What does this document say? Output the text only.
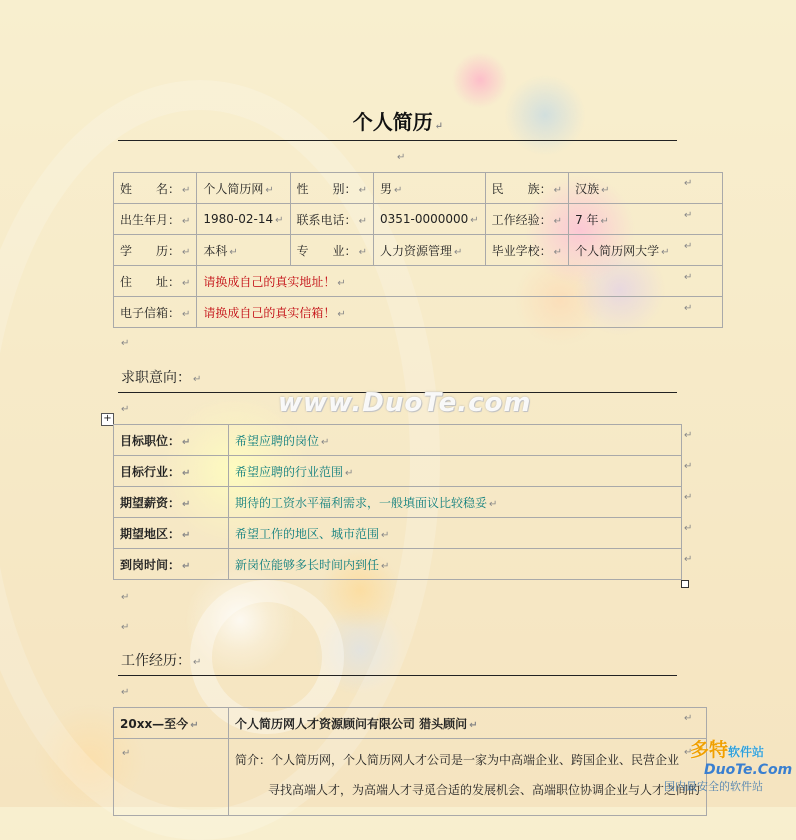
个人简历 ↵
↵
姓　　名： ↵	个人简历网 ↵	性　　别： ↵	男 ↵	民　　族： ↵	汉族 ↵
出生年月： ↵	1980-02-14 ↵	联系电话： ↵	0351-0000000 ↵	工作经验： ↵	7 年 ↵
学　　历： ↵	本科 ↵	专　　业： ↵	人力资源管理 ↵	毕业学校： ↵	个人简历网大学 ↵
住　　址： ↵	请换成自己的真实地址！ ↵				
电子信箱： ↵	请换成自己的真实信箱！ ↵				
↵
↵
↵
↵
↵
↵
求职意向： ↵
↵
+
目标职位： ↵	希望应聘的岗位 ↵
目标行业： ↵	希望应聘的行业范围 ↵
期望薪资： ↵	期待的工资水平福利需求，一般填面议比较稳妥 ↵
期望地区： ↵	希望工作的地区、城市范围 ↵
到岗时间： ↵	新岗位能够多长时间内到任 ↵
↵
↵
↵
↵
↵
↵
↵
工作经历： ↵
↵
20xx—至今 ↵	个人简历网人才资源顾问有限公司 猎头顾问 ↵
↵	简介：个人简历网，个人简历网人才公司是一家为中高端企业、跨国企业、民营企业
寻找高端人才，为高端人才寻觅合适的发展机会、高端职位协调企业与人才之间的
↵
↵
www.DuoTe.com
多特软件站
DuoTe.Com
国内最安全的软件站
